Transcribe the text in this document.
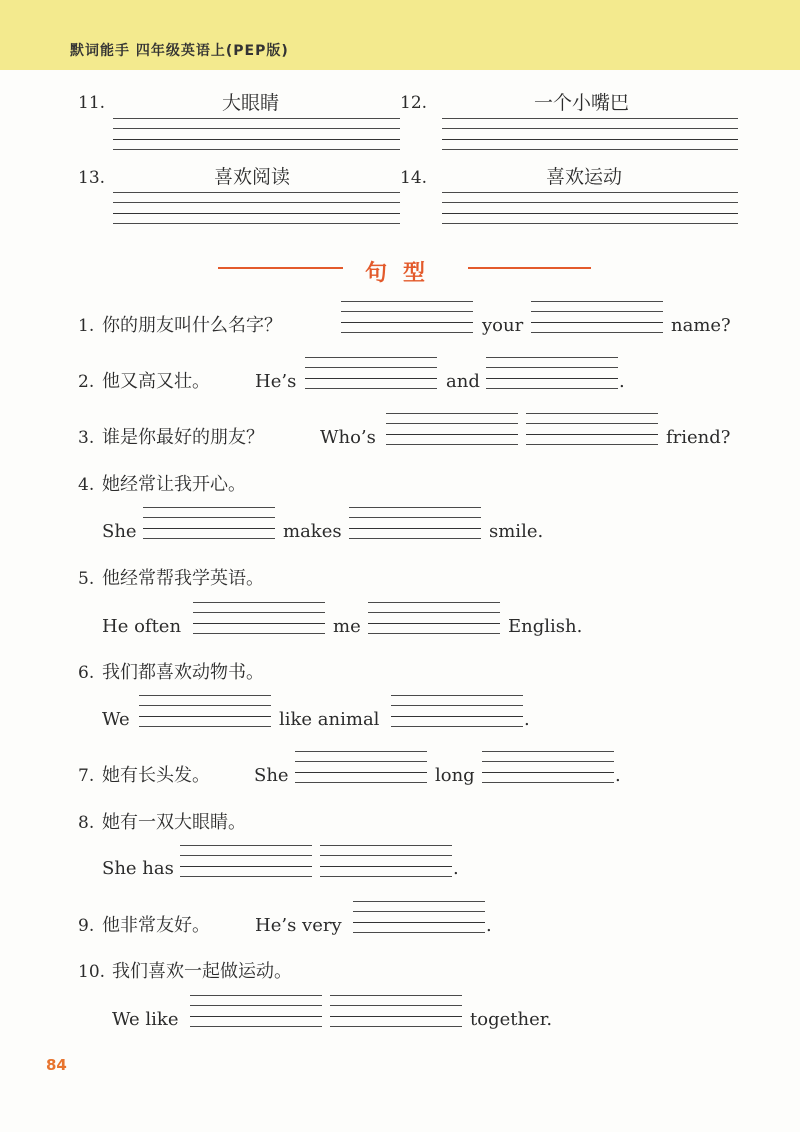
默词能手 四年级英语上(PEP版)
11.	大眼睛	12.	一个小嘴巴
13.	喜欢阅读	14.	喜欢运动
句型
1. 你的朋友叫什么名字？	your	name?
2. 他又高又壮。	He’s	and	.
3. 谁是你最好的朋友？	Who’s	friend?
4. 她经常让我开心。
She	makes	smile.
5. 他经常帮我学英语。
He often	me	English.
6. 我们都喜欢动物书。
We	like animal	.
7. 她有长头发。 She	long	.
8. 她有一双大眼睛。
She has	.
9. 他非常友好。	He’s very	.
10. 我们喜欢一起做运动。
We like	together.
84
